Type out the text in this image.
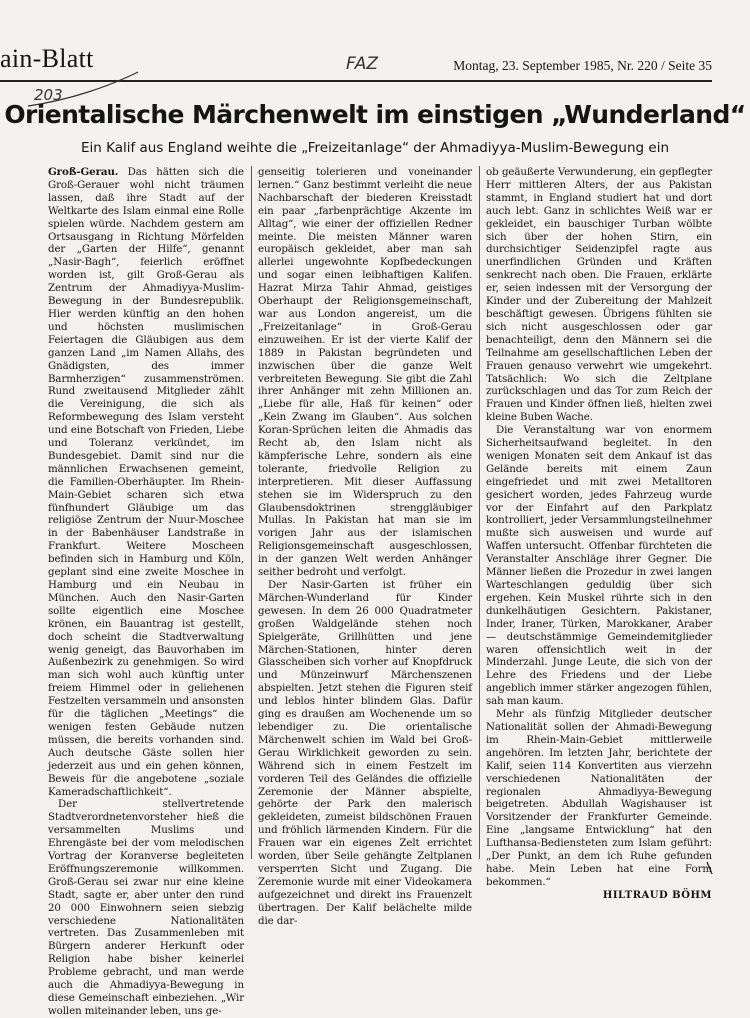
ain-Blatt	Montag, 23. September 1985, Nr. 220 / Seite 35
FAZ
203
Orientalische Märchenwelt im einstigen „Wunderland“
Ein Kalif aus England weihte die „Freizeitanlage“ der Ahmadiyya-Muslim-Bewegung ein

Groß-Gerau. Das hätten sich die Groß-Gerauer wohl nicht träumen lassen, daß ihre Stadt auf der Weltkarte des Islam einmal eine Rolle spielen würde. Nachdem gestern am Ortsausgang in Richtung Mörfelden der „Garten der Hilfe“, genannt „Nasir-Bagh“, feierlich eröffnet worden ist, gilt Groß-Gerau als Zentrum der Ahmadiyya-Muslim-Bewegung in der Bundesrepublik. Hier werden künftig an den hohen und höchsten muslimischen Feiertagen die Gläubigen aus dem ganzen Land „im Namen Allahs, des Gnädigsten, des immer Barmherzigen“ zusammenströmen. Rund zweitausend Mitglieder zählt die Vereinigung, die sich als Reformbewegung des Islam versteht und eine Botschaft von Frieden, Liebe und Toleranz verkündet, im Bundesgebiet. Damit sind nur die männlichen Erwachsenen gemeint, die Familien-Oberhäupter. Im Rhein-Main-Gebiet scharen sich etwa fünfhundert Gläubige um das religiöse Zentrum der Nuur-Moschee in der Babenhäuser Landstraße in Frankfurt. Weitere Moscheen befinden sich in Hamburg und Köln, geplant sind eine zweite Moschee in Hamburg und ein Neubau in München. Auch den Nasir-Garten sollte eigentlich eine Moschee krönen, ein Bauantrag ist gestellt, doch scheint die Stadtverwaltung wenig geneigt, das Bauvorhaben im Außenbezirk zu genehmigen. So wird man sich wohl auch künftig unter freiem Himmel oder in geliehenen Festzelten versammeln und ansonsten für die täglichen „Meetings“ die wenigen festen Gebäude nutzen müssen, die bereits vorhanden sind. Auch deutsche Gäste sollen hier jederzeit aus und ein gehen können, Beweis für die angebotene „soziale Kameradschaftlichkeit“.

Der stellvertretende Stadtverordnetenvorsteher hieß die versammelten Muslims und Ehrengäste bei der vom melodischen Vortrag der Koranverse begleiteten Eröffnungszeremonie willkommen. Groß-Gerau sei zwar nur eine kleine Stadt, sagte er, aber unter den rund 20 000 Einwohnern seien siebzig verschiedene Nationalitäten vertreten. Das Zusammenleben mit Bürgern anderer Herkunft oder Religion habe bisher keinerlei Probleme gebracht, und man werde auch die Ahmadiyya-Bewegung in diese Gemeinschaft einbeziehen. „Wir wollen miteinander leben, uns ge-

genseitig tolerieren und voneinander lernen.“ Ganz bestimmt verleiht die neue Nachbarschaft der biederen Kreisstadt ein paar „farbenprächtige Akzente im Alltag“, wie einer der offiziellen Redner meinte. Die meisten Männer waren europäisch gekleidet, aber man sah allerlei ungewohnte Kopfbedeckungen und sogar einen leibhaftigen Kalifen. Hazrat Mirza Tahir Ahmad, geistiges Oberhaupt der Religionsgemeinschaft, war aus London angereist, um die „Freizeitanlage“ in Groß-Gerau einzuweihen. Er ist der vierte Kalif der 1889 in Pakistan begründeten und inzwischen über die ganze Welt verbreiteten Bewegung. Sie gibt die Zahl ihrer Anhänger mit zehn Millionen an. „Liebe für alle, Haß für keinen“ oder „Kein Zwang im Glauben“. Aus solchen Koran-Sprüchen leiten die Ahmadis das Recht ab, den Islam nicht als kämpferische Lehre, sondern als eine tolerante, friedvolle Religion zu interpretieren. Mit dieser Auffassung stehen sie im Widerspruch zu den Glaubensdoktrinen strenggläubiger Mullas. In Pakistan hat man sie im vorigen Jahr aus der islamischen Religionsgemeinschaft ausgeschlossen, in der ganzen Welt werden Anhänger seither bedroht und verfolgt.

Der Nasir-Garten ist früher ein Märchen-Wunderland für Kinder gewesen. In dem 26 000 Quadratmeter großen Waldgelände stehen noch Spielgeräte, Grillhütten und jene Märchen-Stationen, hinter deren Glasscheiben sich vorher auf Knopfdruck und Münzeinwurf Märchenszenen abspielten. Jetzt stehen die Figuren steif und leblos hinter blindem Glas. Dafür ging es draußen am Wochenende um so lebendiger zu. Die orientalische Märchenwelt schien im Wald bei Groß-Gerau Wirklichkeit geworden zu sein. Während sich in einem Festzelt im vorderen Teil des Geländes die offizielle Zeremonie der Männer abspielte, gehörte der Park den malerisch gekleideten, zumeist bildschönen Frauen und fröhlich lärmenden Kindern. Für die Frauen war ein eigenes Zelt errichtet worden, über Seile gehängte Zeltplanen versperrten Sicht und Zugang. Die Zeremonie wurde mit einer Videokamera aufgezeichnet und direkt ins Frauenzelt übertragen. Der Kalif belächelte milde die dar-

ob geäußerte Verwunderung, ein gepflegter Herr mittleren Alters, der aus Pakistan stammt, in England studiert hat und dort auch lebt. Ganz in schlichtes Weiß war er gekleidet, ein bauschiger Turban wölbte sich über der hohen Stirn, ein durchsichtiger Seidenzipfel ragte aus unerfindlichen Gründen und Kräften senkrecht nach oben. Die Frauen, erklärte er, seien indessen mit der Versorgung der Kinder und der Zubereitung der Mahlzeit beschäftigt gewesen. Übrigens fühlten sie sich nicht ausgeschlossen oder gar benachteiligt, denn den Männern sei die Teilnahme am gesellschaftlichen Leben der Frauen genauso verwehrt wie umgekehrt. Tatsächlich: Wo sich die Zeltplane zurückschlagen und das Tor zum Reich der Frauen und Kinder öffnen ließ, hielten zwei kleine Buben Wache.

Die Veranstaltung war von enormem Sicherheitsaufwand begleitet. In den wenigen Monaten seit dem Ankauf ist das Gelände bereits mit einem Zaun eingefriedet und mit zwei Metalltoren gesichert worden, jedes Fahrzeug wurde vor der Einfahrt auf den Parkplatz kontrolliert, jeder Versammlungsteilnehmer mußte sich ausweisen und wurde auf Waffen untersucht. Offenbar fürchteten die Veranstalter Anschläge ihrer Gegner. Die Männer ließen die Prozedur in zwei langen Warteschlangen geduldig über sich ergehen. Kein Muskel rührte sich in den dunkelhäutigen Gesichtern. Pakistaner, Inder, Iraner, Türken, Marokkaner, Araber — deutschstämmige Gemeindemitglieder waren offensichtlich weit in der Minderzahl. Junge Leute, die sich von der Lehre des Friedens und der Liebe angeblich immer stärker angezogen fühlen, sah man kaum.

Mehr als fünfzig Mitglieder deutscher Nationalität sollen der Ahmadi-Bewegung im Rhein-Main-Gebiet mittlerweile angehören. Im letzten Jahr, berichtete der Kalif, seien 114 Konvertiten aus vierzehn verschiedenen Nationalitäten der regionalen Ahmadiyya-Bewegung beigetreten. Abdullah Wagishauser ist Vorsitzender der Frankfurter Gemeinde. Eine „langsame Entwicklung“ hat den Lufthansa-Bediensteten zum Islam geführt: „Der Punkt, an dem ich Ruhe gefunden habe. Mein Leben hat eine Form bekommen.“

HILTRAUD BÖHM
